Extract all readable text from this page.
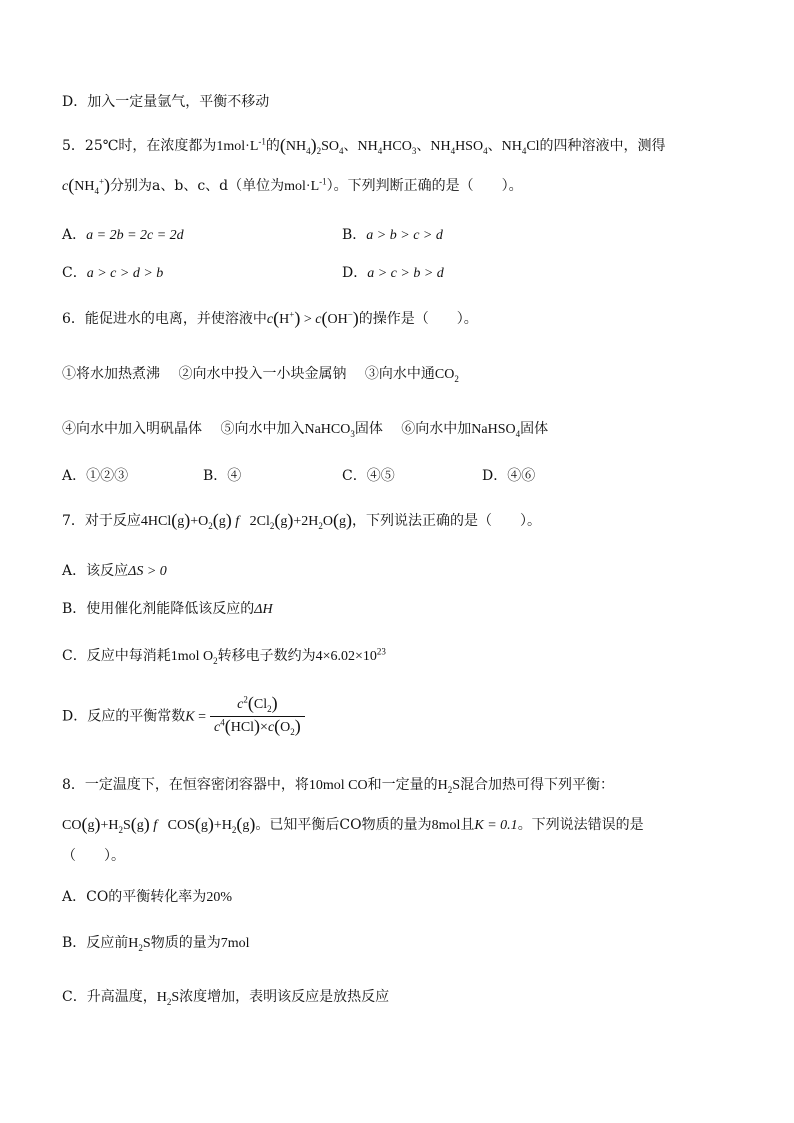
D．加入一定量氩气，平衡不移动
5．25℃时，在浓度都为$1mol\cdot L^{-1}$的$(NH_4)_2SO_4$、$NH_4HCO_3$、$NH_4HSO_4$、$NH_4Cl$的四种溶液中，测得
$c(NH_4^+)$分别为a、b、c、d（单位为$mol\cdot L^{-1}$）。下列判断正确的是（　　）。
A．a = 2b = 2c = 2d	B．a > b > c > d
C．a > c > d > b	D．a > c > b > d
6．能促进水的电离，并使溶液中c(H+) > c(OH−)的操作是（　　）。
①将水加热煮沸　 ②向水中投入一小块金属钠　 ③向水中通$CO_2$
④向水中加入明矾晶体　 ⑤向水中加入NaHCO$_3$固体　 ⑥向水中加NaHSO$_4$固体
A．①②③	B．④	C．④⑤	D．④⑥
7．对于反应$4HCl(g)+O_2(g)$ f   $2Cl_2(g)+2H_2O(g)$，下列说法正确的是（　　）。
A．该反应ΔS > 0
B．使用催化剂能降低该反应的ΔH
C．反应中每消耗1mol $O_2$转移电子数约为$4\times 6.02\times 10^{23}$
D．反应的平衡常数$K = \frac{c^2(Cl_2)}{c^4(HCl)\times c(O_2)}$
8．一定温度下，在恒容密闭容器中，将10mol CO和一定量的$H_2S$混合加热可得下列平衡：
$CO(g)+H_2S(g)$ f   $COS(g)+H_2(g)$。已知平衡后CO物质的量为8mol且K = 0.1。下列说法错误的是
（　　）。
A．CO的平衡转化率为20%
B．反应前$H_2S$物质的量为7mol
C．升高温度，$H_2S$浓度增加，表明该反应是放热反应
